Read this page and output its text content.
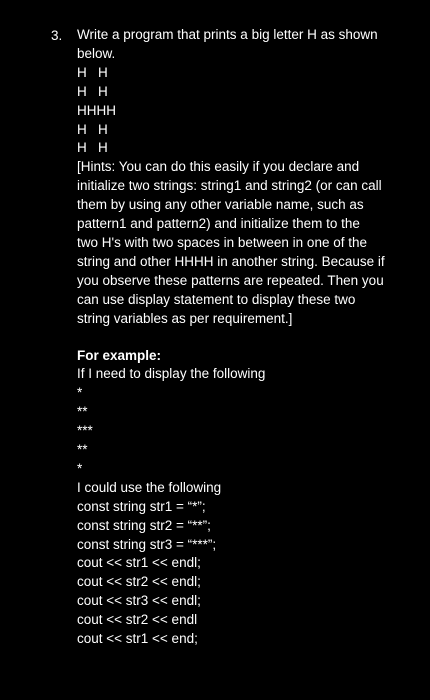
3. Write a program that prints a big letter H as shown
below.
H   H
H   H
HHHH
H   H
H   H
[Hints: You can do this easily if you declare and
initialize two strings: string1 and string2 (or can call
them by using any other variable name, such as
pattern1 and pattern2) and initialize them to the
two H's with two spaces in between in one of the
string and other HHHH in another string. Because if
you observe these patterns are repeated. Then you
can use display statement to display these two
string variables as per requirement.]
For example:
If I need to display the following
*
**
***
**
*
I could use the following
const string str1 = “*”;
const string str2 = “**”;
const string str3 = “***”;
cout << str1 << endl;
cout << str2 << endl;
cout << str3 << endl;
cout << str2 << endl
cout << str1 << end;
